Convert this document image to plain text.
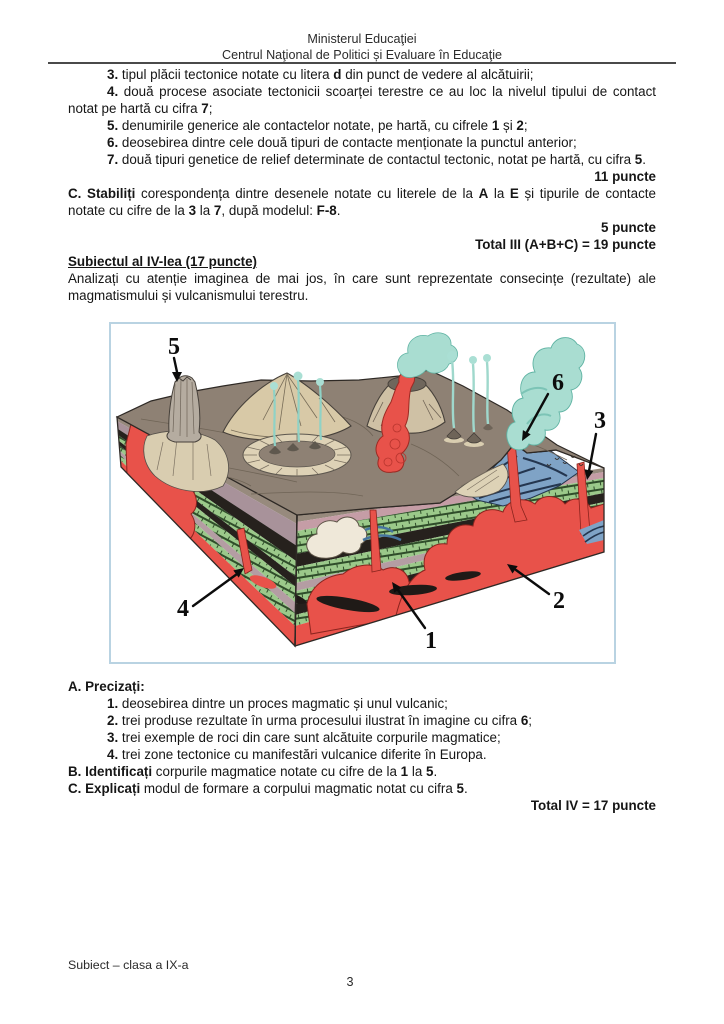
Ministerul Educaţiei
Centrul Naţional de Politici și Evaluare în Educaţie

3. tipul plăcii tectonice notate cu litera d din punct de vedere al alcătuirii;

4. două procese asociate tectonicii scoarței terestre ce au loc la nivelul tipului de contact notat pe hartă cu cifra 7;

5. denumirile generice ale contactelor notate, pe hartă, cu cifrele 1 și 2;

6. deosebirea dintre cele două tipuri de contacte menționate la punctul anterior;

7. două tipuri genetice de relief determinate de contactul tectonic, notat pe hartă, cu cifra 5.

11 puncte

C. Stabiliți corespondența dintre desenele notate cu literele de la A la E și tipurile de contacte notate cu cifre de la 3 la 7, după modelul: F-8.

5 puncte

Total III (A+B+C) = 19 puncte

Subiectul al IV-lea (17 puncte)

Analizați cu atenție imaginea de mai jos, în care sunt reprezentate consecințe (rezultate) ale magmatismului și vulcanismului terestru.

5
6
3
4
1
2

A. Precizați:

1. deosebirea dintre un proces magmatic și unul vulcanic;

2. trei produse rezultate în urma procesului ilustrat în imagine cu cifra 6;

3. trei exemple de roci din care sunt alcătuite corpurile magmatice;

4. trei zone tectonice cu manifestări vulcanice diferite în Europa.

B. Identificați corpurile magmatice notate cu cifre de la 1 la 5.

C. Explicați modul de formare a corpului magmatic notat cu cifra 5.

Total IV = 17 puncte

Subiect – clasa a IX-a
3
